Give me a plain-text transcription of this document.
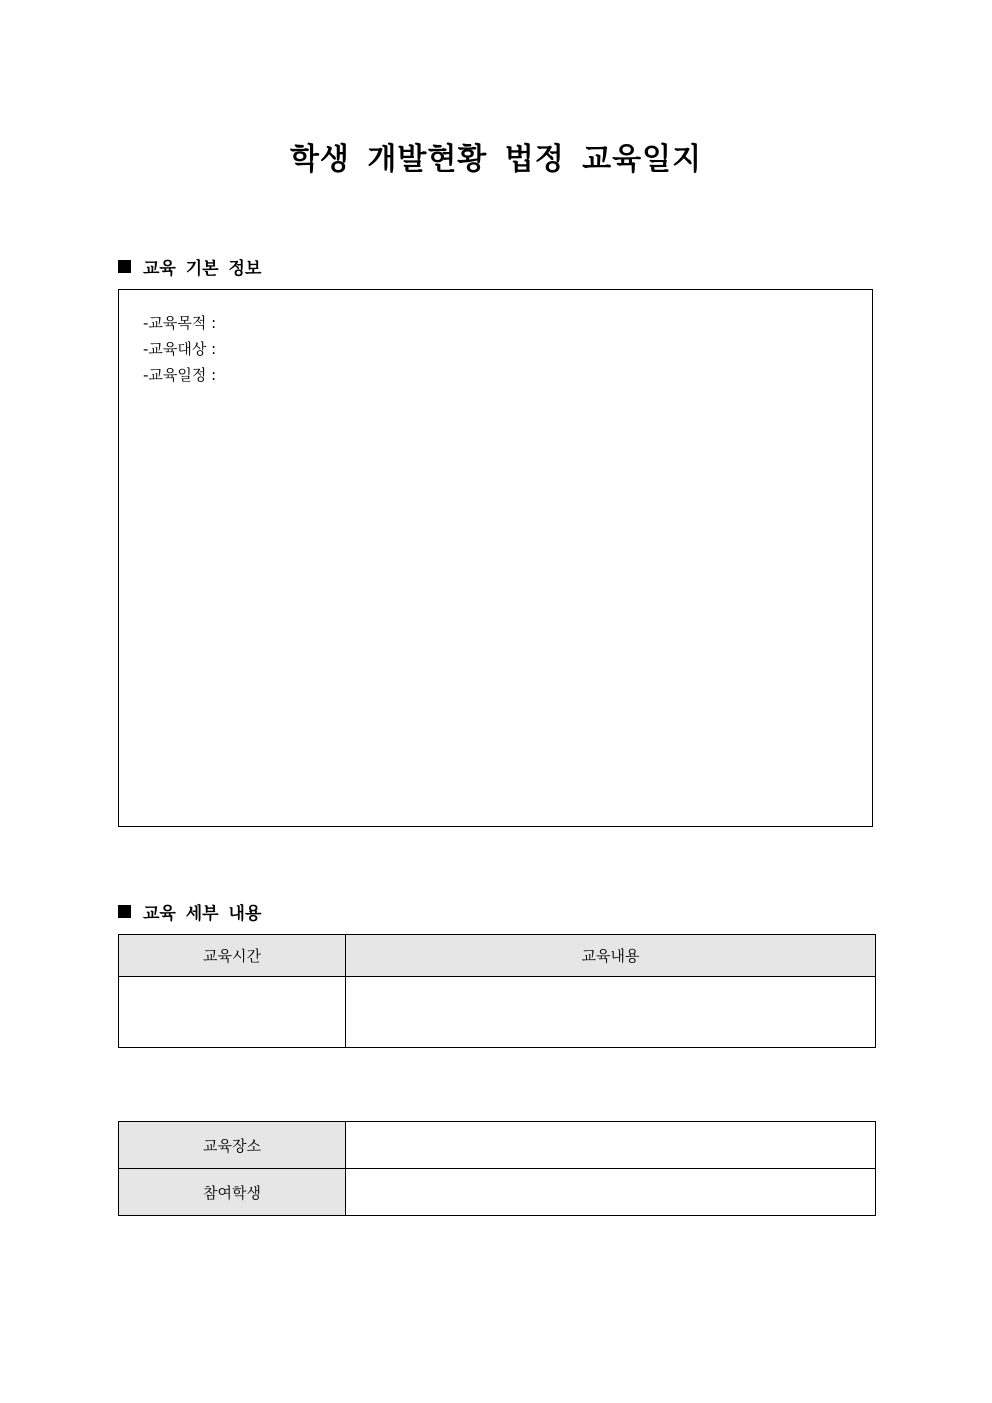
학생 개발현황 법정 교육일지
교육 기본 정보
-교육목적 :
-교육대상 :
-교육일정 :
교육 세부 내용
교육시간	교육내용

교육장소	
참여학생	
